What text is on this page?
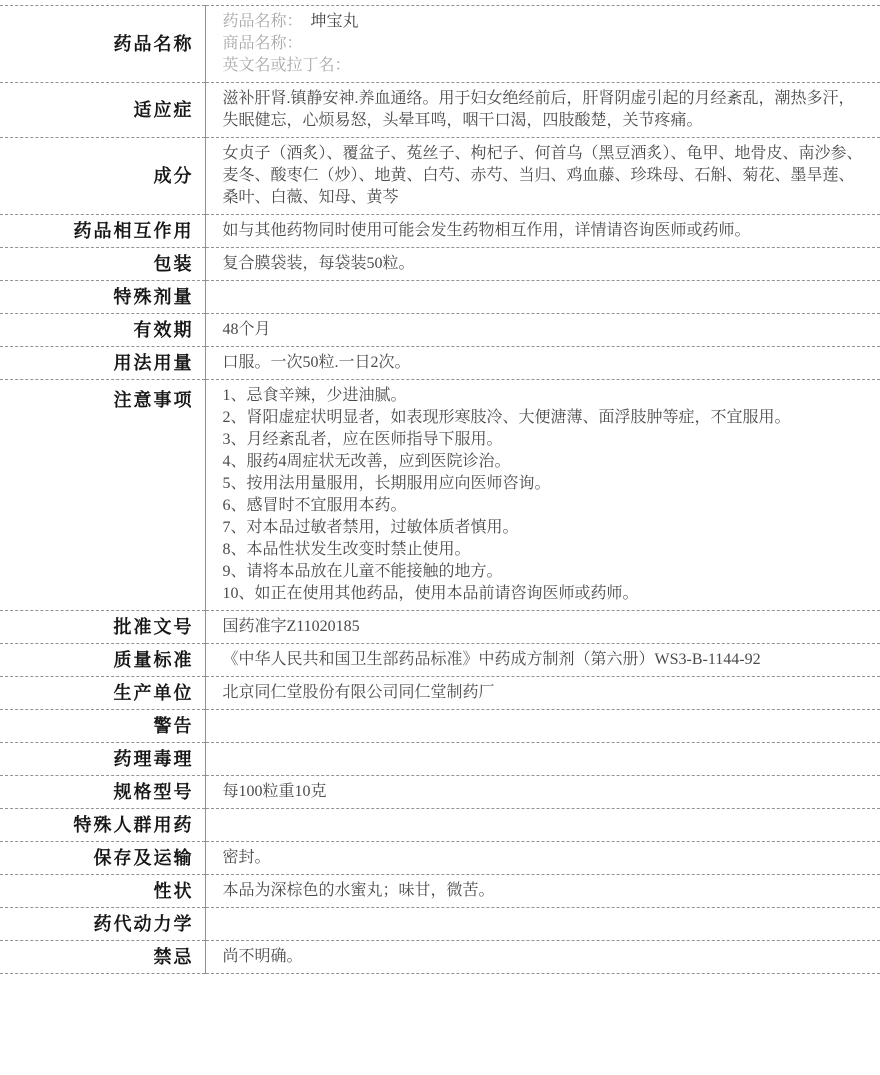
药品名称	药品名称： 坤宝丸
商品名称：
英文名或拉丁名：

适应症	滋补肝肾.镇静安神.养血通络。用于妇女绝经前后，肝肾阴虚引起的月经紊乱，潮热多汗，失眠健忘，心烦易怒，头晕耳鸣，咽干口渴，四肢酸楚，关节疼痛。
成分	女贞子（酒炙）、覆盆子、菟丝子、枸杞子、何首乌（黑豆酒炙）、龟甲、地骨皮、南沙参、麦冬、酸枣仁（炒）、地黄、白芍、赤芍、当归、鸡血藤、珍珠母、石斛、菊花、墨旱莲、桑叶、白薇、知母、黄芩
药品相互作用	如与其他药物同时使用可能会发生药物相互作用，详情请咨询医师或药师。
包装	复合膜袋装，每袋装50粒。
特殊剂量	
有效期	48个月
用法用量	口服。一次50粒.一日2次。
注意事项	1、忌食辛辣，少进油腻。
2、肾阳虚症状明显者，如表现形寒肢冷、大便溏薄、面浮肢肿等症，不宜服用。
3、月经紊乱者，应在医师指导下服用。
4、服药4周症状无改善，应到医院诊治。
5、按用法用量服用，长期服用应向医师咨询。
6、感冒时不宜服用本药。
7、对本品过敏者禁用，过敏体质者慎用。
8、本品性状发生改变时禁止使用。
9、请将本品放在儿童不能接触的地方。
10、如正在使用其他药品，使用本品前请咨询医师或药师。

批准文号	国药准字Z11020185
质量标准	《中华人民共和国卫生部药品标准》中药成方制剂（第六册）WS3-B-1144-92
生产单位	北京同仁堂股份有限公司同仁堂制药厂
警告	
药理毒理	
规格型号	每100粒重10克
特殊人群用药	
保存及运输	密封。
性状	本品为深棕色的水蜜丸；味甘，微苦。
药代动力学	
禁忌	尚不明确。
